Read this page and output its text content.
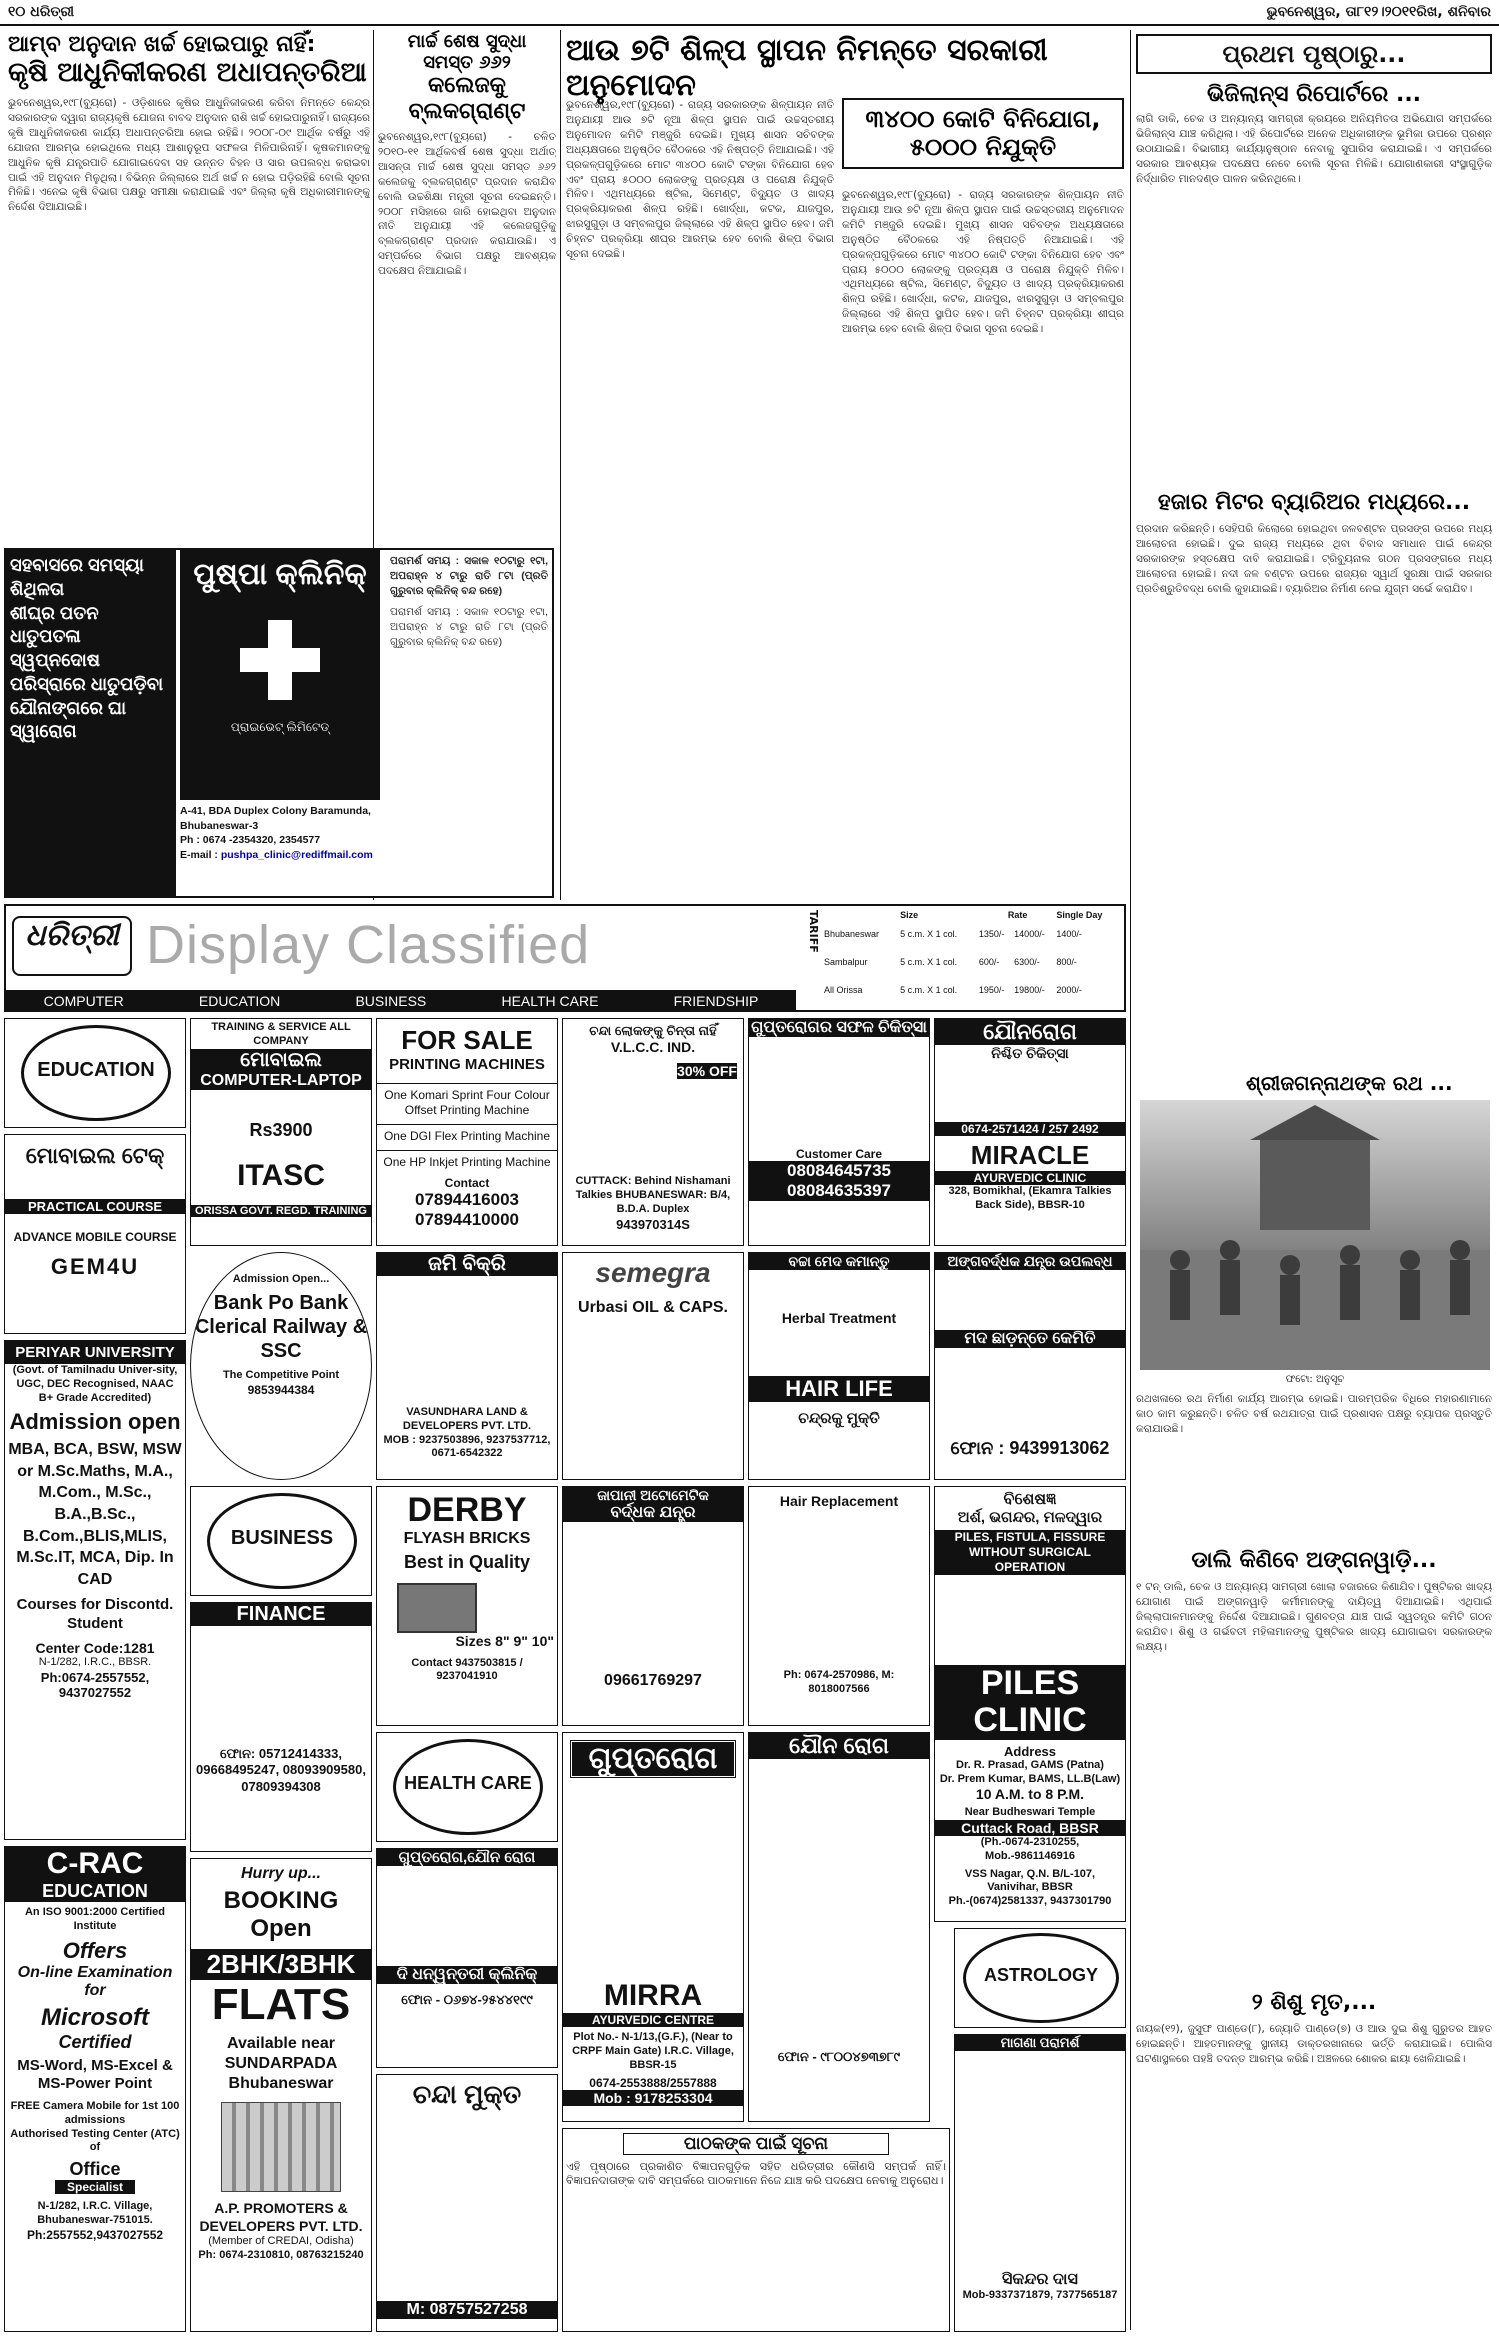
୧୦ ଧରିତ୍ରୀ	ଭୁବନେଶ୍ୱର, ତା୮୧୨।୨୦୧୧ରିଖ, ଶନିବାର
ଆମ୍ବ ଅନୁଦାନ ଖର୍ଚ୍ଚ ହୋଇପାରୁ ନାହିଁ:
କୃଷି ଆଧୁନିକୀକରଣ ଅଧାପନ୍ତରିଆ
ଭୁବନେଶ୍ୱର,୧୯୮(ବ୍ୟୁରୋ) - ଓଡ଼ିଶାରେ କୃଷିର ଆଧୁନିକୀକରଣ କରିବା ନିମନ୍ତେ କେନ୍ଦ୍ର ସରକାରଙ୍କ ଦ୍ୱାରା ରାଜ୍ୟକୃଷି ଯୋଜନା ବାବଦ ଅନୁଦାନ ରାଶି ଖର୍ଚ୍ଚ ହୋଇପାରୁନାହିଁ। ରାଜ୍ୟରେ କୃଷି ଆଧୁନିକୀକରଣ କାର୍ଯ୍ୟ ଅଧାପନ୍ତରିଆ ହୋଇ ରହିଛି। ୨୦୦୮-୦୯ ଆର୍ଥିକ ବର୍ଷରୁ ଏହି ଯୋଜନା ଆରମ୍ଭ ହୋଇଥିଲେ ମଧ୍ୟ ଆଶାନୁରୂପ ସଫଳତା ମିଳିପାରିନାହିଁ। କୃଷକମାନଙ୍କୁ ଆଧୁନିକ କୃଷି ଯନ୍ତ୍ରପାତି ଯୋଗାଇଦେବା ସହ ଉନ୍ନତ ବିହନ ଓ ସାର ଉପଲବ୍ଧ କରାଇବା ପାଇଁ ଏହି ଅନୁଦାନ ମିଳୁଥିଲା। ବିଭିନ୍ନ ଜିଲ୍ଲାରେ ଅର୍ଥ ଖର୍ଚ୍ଚ ନ ହୋଇ ପଡ଼ିରହିଛି ବୋଲି ସୂଚନା ମିଳିଛି। ଏନେଇ କୃଷି ବିଭାଗ ପକ୍ଷରୁ ସମୀକ୍ଷା କରାଯାଇଛି ଏବଂ ଜିଲ୍ଲା କୃଷି ଅଧିକାରୀମାନଙ୍କୁ ନିର୍ଦ୍ଦେଶ ଦିଆଯାଇଛି।
ମାର୍ଚ୍ଚ ଶେଷ ସୁଦ୍ଧା
ସମସ୍ତ ୬୬୨
କଲେଜକୁ ବ୍ଲକଗ୍ରାଣ୍ଟ
ଭୁବନେଶ୍ୱର,୧୯୮(ବ୍ୟୁରୋ) - ଚଳିତ ୨୦୧୦-୧୧ ଆର୍ଥିକବର୍ଷ ଶେଷ ସୁଦ୍ଧା ଅର୍ଥାତ୍ ଆସନ୍ତା ମାର୍ଚ୍ଚ ଶେଷ ସୁଦ୍ଧା ସମସ୍ତ ୬୬୨ କଲେଜକୁ ବ୍ଲକଗ୍ରାଣ୍ଟ ପ୍ରଦାନ କରାଯିବ ବୋଲି ଉଚ୍ଚଶିକ୍ଷା ମନ୍ତ୍ରୀ ସୂଚନା ଦେଇଛନ୍ତି। ୨୦୦୮ ମସିହାରେ ଜାରି ହୋଇଥିବା ଅନୁଦାନ ନୀତି ଅନୁଯାୟୀ ଏହି କଲେଜଗୁଡ଼ିକୁ ବ୍ଲକଗ୍ରାଣ୍ଟ ପ୍ରଦାନ କରାଯାଉଛି। ଏ ସମ୍ପର୍କରେ ବିଭାଗ ପକ୍ଷରୁ ଆବଶ୍ୟକ ପଦକ୍ଷେପ ନିଆଯାଇଛି।
ଆଉ ୭ଟି ଶିଳ୍ପ ସ୍ଥାପନ ନିମନ୍ତେ ସରକାରୀ ଅନୁମୋଦନ
ଭୁବନେଶ୍ୱର,୧୯୮(ବ୍ୟୁରୋ) - ରାଜ୍ୟ ସରକାରଙ୍କ ଶିଳ୍ପାୟନ ନୀତି ଅନୁଯାୟୀ ଆଉ ୭ଟି ନୂଆ ଶିଳ୍ପ ସ୍ଥାପନ ପାଇଁ ଉଚ୍ଚସ୍ତରୀୟ ଅନୁମୋଦନ କମିଟି ମଞ୍ଜୁରି ଦେଇଛି। ମୁଖ୍ୟ ଶାସନ ସଚିବଙ୍କ ଅଧ୍ୟକ୍ଷତାରେ ଅନୁଷ୍ଠିତ ବୈଠକରେ ଏହି ନିଷ୍ପତ୍ତି ନିଆଯାଇଛି। ଏହି ପ୍ରକଳ୍ପଗୁଡ଼ିକରେ ମୋଟ ୩୪୦୦ କୋଟି ଟଙ୍କା ବିନିଯୋଗ ହେବ ଏବଂ ପ୍ରାୟ ୫୦୦୦ ଲୋକଙ୍କୁ ପ୍ରତ୍ୟକ୍ଷ ଓ ପରୋକ୍ଷ ନିଯୁକ୍ତି ମିଳିବ। ଏଥିମଧ୍ୟରେ ଷ୍ଟିଲ, ସିମେଣ୍ଟ, ବିଦ୍ୟୁତ ଓ ଖାଦ୍ୟ ପ୍ରକ୍ରିୟାକରଣ ଶିଳ୍ପ ରହିଛି। ଖୋର୍ଦ୍ଧା, କଟକ, ଯାଜପୁର, ଝାରସୁଗୁଡ଼ା ଓ ସମ୍ବଲପୁର ଜିଲ୍ଲାରେ ଏହି ଶିଳ୍ପ ସ୍ଥାପିତ ହେବ। ଜମି ଚିହ୍ନଟ ପ୍ରକ୍ରିୟା ଶୀଘ୍ର ଆରମ୍ଭ ହେବ ବୋଲି ଶିଳ୍ପ ବିଭାଗ ସୂଚନା ଦେଇଛି।
୩୪୦୦ କୋଟି ବିନିଯୋଗ,
୫୦୦୦ ନିଯୁକ୍ତି
ଭୁବନେଶ୍ୱର,୧୯୮(ବ୍ୟୁରୋ) - ରାଜ୍ୟ ସରକାରଙ୍କ ଶିଳ୍ପାୟନ ନୀତି ଅନୁଯାୟୀ ଆଉ ୭ଟି ନୂଆ ଶିଳ୍ପ ସ୍ଥାପନ ପାଇଁ ଉଚ୍ଚସ୍ତରୀୟ ଅନୁମୋଦନ କମିଟି ମଞ୍ଜୁରି ଦେଇଛି। ମୁଖ୍ୟ ଶାସନ ସଚିବଙ୍କ ଅଧ୍ୟକ୍ଷତାରେ ଅନୁଷ୍ଠିତ ବୈଠକରେ ଏହି ନିଷ୍ପତ୍ତି ନିଆଯାଇଛି। ଏହି ପ୍ରକଳ୍ପଗୁଡ଼ିକରେ ମୋଟ ୩୪୦୦ କୋଟି ଟଙ୍କା ବିନିଯୋଗ ହେବ ଏବଂ ପ୍ରାୟ ୫୦୦୦ ଲୋକଙ୍କୁ ପ୍ରତ୍ୟକ୍ଷ ଓ ପରୋକ୍ଷ ନିଯୁକ୍ତି ମିଳିବ। ଏଥିମଧ୍ୟରେ ଷ୍ଟିଲ, ସିମେଣ୍ଟ, ବିଦ୍ୟୁତ ଓ ଖାଦ୍ୟ ପ୍ରକ୍ରିୟାକରଣ ଶିଳ୍ପ ରହିଛି। ଖୋର୍ଦ୍ଧା, କଟକ, ଯାଜପୁର, ଝାରସୁଗୁଡ଼ା ଓ ସମ୍ବଲପୁର ଜିଲ୍ଲାରେ ଏହି ଶିଳ୍ପ ସ୍ଥାପିତ ହେବ। ଜମି ଚିହ୍ନଟ ପ୍ରକ୍ରିୟା ଶୀଘ୍ର ଆରମ୍ଭ ହେବ ବୋଲି ଶିଳ୍ପ ବିଭାଗ ସୂଚନା ଦେଇଛି।
ପ୍ରଥମ ପୃଷ୍ଠାରୁ...
ଭିଜିଲାନ୍ସ ରିପୋର୍ଟରେ ...
ଲାଗି ଡାକି, ଚେକ ଓ ଅନ୍ୟାନ୍ୟ ସାମଗ୍ରୀ କ୍ରୟରେ ଅନିୟମିତତା ଅଭିଯୋଗ ସମ୍ପର୍କରେ ଭିଜିଲାନ୍ସ ଯାଞ୍ଚ କରିଥିଲା। ଏହି ରିପୋର୍ଟରେ ଅନେକ ଅଧିକାରୀଙ୍କ ଭୂମିକା ଉପରେ ପ୍ରଶ୍ନ ଉଠାଯାଇଛି। ବିଭାଗୀୟ କାର୍ଯ୍ୟାନୁଷ୍ଠାନ ନେବାକୁ ସୁପାରିସ କରାଯାଇଛି। ଏ ସମ୍ପର୍କରେ ସରକାର ଆବଶ୍ୟକ ପଦକ୍ଷେପ ନେବେ ବୋଲି ସୂଚନା ମିଳିଛି। ଯୋଗାଣକାରୀ ସଂସ୍ଥାଗୁଡ଼ିକ ନିର୍ଦ୍ଧାରିତ ମାନଦଣ୍ଡ ପାଳନ କରିନଥିଲେ।
ହଜାର ମିଟର ବ୍ୟାରିଅର ମଧ୍ୟରେ...
ପ୍ରଦାନ କରିଛନ୍ତି। ସେହିପରି କିଲୋରେ ହୋଇଥିବା ଜଳବଣ୍ଟନ ପ୍ରସଙ୍ଗ ଉପରେ ମଧ୍ୟ ଆଲୋଚନା ହୋଇଛି। ଦୁଇ ରାଜ୍ୟ ମଧ୍ୟରେ ଥିବା ବିବାଦ ସମାଧାନ ପାଇଁ କେନ୍ଦ୍ର ସରକାରଙ୍କ ହସ୍ତକ୍ଷେପ ଦାବି କରାଯାଇଛି। ଟ୍ରିବ୍ୟୁନାଲ ଗଠନ ପ୍ରସଙ୍ଗରେ ମଧ୍ୟ ଆଲୋଚନା ହୋଇଛି। ନଦୀ ଜଳ ବଣ୍ଟନ ଉପରେ ରାଜ୍ୟର ସ୍ୱାର୍ଥ ସୁରକ୍ଷା ପାଇଁ ସରକାର ପ୍ରତିଶ୍ରୁତିବଦ୍ଧ ବୋଲି କୁହାଯାଇଛି। ବ୍ୟାରିଅର ନିର୍ମାଣ ନେଇ ଯୁଗ୍ମ ସର୍ଭେ କରାଯିବ।
ଶ୍ରୀଜଗନ୍ନାଥଙ୍କ ରଥ ...
ଫଟୋ: ଅନୁସୂଚ
ରଥଖଳାରେ ରଥ ନିର୍ମାଣ କାର୍ଯ୍ୟ ଆରମ୍ଭ ହୋଇଛି। ପାରମ୍ପରିକ ବିଧିରେ ମହାରଣାମାନେ କାଠ କାମ କରୁଛନ୍ତି। ଚଳିତ ବର୍ଷ ରଥଯାତ୍ରା ପାଇଁ ପ୍ରଶାସନ ପକ୍ଷରୁ ବ୍ୟାପକ ପ୍ରସ୍ତୁତି କରାଯାଉଛି।
ଡାଲି କିଣିବେ ଅଙ୍ଗନୱାଡ଼ି...
୧ ଟନ୍ ଡାଲି, ଚେକ ଓ ଅନ୍ୟାନ୍ୟ ସାମଗ୍ରୀ ଖୋଲା ବଜାରରେ କିଣାଯିବ। ପୁଷ୍ଟିକର ଖାଦ୍ୟ ଯୋଗାଣ ପାଇଁ ଅଙ୍ଗନୱାଡ଼ି କର୍ମୀମାନଙ୍କୁ ଦାୟିତ୍ୱ ଦିଆଯାଇଛି। ଏଥିପାଇଁ ଜିଲ୍ଲାପାଳମାନଙ୍କୁ ନିର୍ଦ୍ଦେଶ ଦିଆଯାଇଛି। ଗୁଣବତ୍ତା ଯାଞ୍ଚ ପାଇଁ ସ୍ୱତନ୍ତ୍ର କମିଟି ଗଠନ କରାଯିବ। ଶିଶୁ ଓ ଗର୍ଭବତୀ ମହିଳାମାନଙ୍କୁ ପୁଷ୍ଟିକର ଖାଦ୍ୟ ଯୋଗାଇବା ସରକାରଙ୍କ ଲକ୍ଷ୍ୟ।
୨ ଶିଶୁ ମୃତ,...
ନାୟକ(୧୨), ଜୁସୁଫ ପାଣ୍ଡେ(୮), ଜ୍ୟୋତି ପାଣ୍ଡେ(୭) ଓ ଆଉ ଦୁଇ ଶିଶୁ ଗୁରୁତର ଆହତ ହୋଇଛନ୍ତି। ଆହତମାନଙ୍କୁ ସ୍ଥାନୀୟ ଡାକ୍ତରଖାନାରେ ଭର୍ତ୍ତି କରାଯାଇଛି। ପୋଲିସ ଘଟଣାସ୍ଥଳରେ ପହଞ୍ଚି ତଦନ୍ତ ଆରମ୍ଭ କରିଛି। ଅଞ୍ଚଳରେ ଶୋକର ଛାୟା ଖେଳିଯାଇଛି।
ସହବାସରେ ସମସ୍ୟା
ଶିଥିଳତା
ଶୀଘ୍ର ପତନ
ଧାତୁପତଳା
ସ୍ୱପ୍ନଦୋଷ
ପରିସ୍ରାରେ ଧାତୁପଡ଼ିବା
ଯୌନାଙ୍ଗରେ ଘା ସ୍ୱାରୋଗ
ପୁଷ୍ପା କ୍ଲିନିକ୍
ପ୍ରାଇଭେଟ୍ ଲିମିଟେଡ୍
A-41, BDA Duplex Colony Baramunda, Bhubaneswar-3
Ph : 0674 -2354320, 2354577
E-mail : pushpa_clinic@rediffmail.com
ପରାମର୍ଶ ସମୟ : ସକାଳ ୧୦ଟାରୁ ୧ଟା, ଅପରାହ୍ନ ୪ ଟାରୁ ରାତି ୮ଟା (ପ୍ରତି ଗୁରୁବାର କ୍ଲିନିକ୍ ବନ୍ଦ ରହେ)
ପରାମର୍ଶ ସମୟ : ସକାଳ ୧୦ଟାରୁ ୧ଟା, ଅପରାହ୍ନ ୪ ଟାରୁ ରାତି ୮ଟା (ପ୍ରତି ଗୁରୁବାର କ୍ଲିନିକ୍ ବନ୍ଦ ରହେ)
ଧରିତ୍ରୀ Display Classified
COMPUTER	EDUCATION	BUSINESS	HEALTH CARE	FRIENDSHIP
TARIFF
		Size	Rate		Single Day
Bhubaneswar	5 c.m. X 1 col.	1350/-	14000/-	1400/-
Sambalpur	5 c.m. X 1 col.	600/-	6300/-	800/-
All Orissa	5 c.m. X 1 col.	1950/-	19800/-	2000/-
EDUCATION
ମୋବାଇଲ ଟେକ୍
PRACTICAL COURSE
ADVANCE MOBILE COURSE
GEM4U
PERIYAR UNIVERSITY
(Govt. of Tamilnadu Univer-sity, UGC, DEC Recognised, NAAC B+ Grade Accredited)
Admission open
MBA, BCA, BSW, MSW or M.Sc.Maths, M.A., M.Com., M.Sc., B.A.,B.Sc., B.Com.,BLIS,MLIS, M.Sc.IT, MCA, Dip. In CAD
Courses for Discontd. Student
Center Code:1281
N-1/282, I.R.C., BBSR.
Ph:0674-2557552, 9437027552
C-RAC
EDUCATION
An ISO 9001:2000 Certified Institute
Offers
On-line Examination for
Microsoft
Certified
MS-Word, MS-Excel & MS-Power Point
FREE Camera Mobile for 1st 100 admissions
Authorised Testing Center (ATC) of
Office
Specialist
N-1/282, I.R.C. Village, Bhubaneswar-751015.
Ph:2557552,9437027552
TRAINING & SERVICE ALL COMPANY
ମୋବାଇଲ
COMPUTER-LAPTOP
Rs3900
ITASC
ORISSA GOVT. REGD. TRAINING
Admission Open...
Bank Po Bank Clerical Railway & SSC
The Competitive Point
9853944384
BUSINESS
FINANCE
ଫୋନ: 05712414333, 09668495247, 08093909580, 07809394308
Hurry up...
BOOKING Open
2BHK/3BHK
FLATS
Available near SUNDARPADA Bhubaneswar
A.P. PROMOTERS & DEVELOPERS PVT. LTD.
(Member of CREDAI, Odisha)
Ph: 0674-2310810, 08763215240
FOR SALE
PRINTING MACHINES
One Komari Sprint Four Colour Offset Printing Machine
One DGI Flex Printing Machine
One HP Inkjet Printing Machine
Contact
07894416003
07894410000
ଜମି ବିକ୍ରି
VASUNDHARA LAND & DEVELOPERS PVT. LTD.
MOB : 9237503896, 9237537712, 0671-6542322
DERBY
FLYASH BRICKS
Best in Quality
Sizes 8" 9" 10"
Contact 9437503815 / 9237041910
HEALTH CARE
ଗୁପ୍ତରୋଗ,ଯୌନ ରୋଗ
ଦି ଧନ୍ୱନ୍ତରୀ କ୍ଲିନିକ୍
ଫୋନ - ୦୬୭୪-୨୫୪୪୧୯୯
ଚନ୍ଦା ମୁକ୍ତ
M: 08757527258
ଚନ୍ଦା ଲୋକଙ୍କୁ ଚିନ୍ତା ନାହିଁ
V.L.C.C. IND.
30% OFF
CUTTACK: Behind Nishamani Talkies BHUBANESWAR: B/4, B.D.A. Duplex
943970314S
semegra
Urbasi OIL & CAPS.
ଜାପାନୀ ଅଟୋମେଟିକ
ବର୍ଦ୍ଧକ ଯନ୍ତ୍ର
09661769297
ଗୁପ୍ତରୋଗ
MIRRA
AYURVEDIC CENTRE
Plot No.- N-1/13,(G.F.), (Near to CRPF Main Gate) I.R.C. Village, BBSR-15
0674-2553888/2557888
Mob : 9178253304
ପାଠକଙ୍କ ପାଇଁ ସୂଚନା
ଏହି ପୃଷ୍ଠାରେ ପ୍ରକାଶିତ ବିଜ୍ଞାପନଗୁଡ଼ିକ ସହିତ ଧରିତ୍ରୀର କୌଣସି ସମ୍ପର୍କ ନାହିଁ। ବିଜ୍ଞାପନଦାତାଙ୍କ ଦାବି ସମ୍ପର୍କରେ ପାଠକମାନେ ନିଜେ ଯାଞ୍ଚ କରି ପଦକ୍ଷେପ ନେବାକୁ ଅନୁରୋଧ।
ଗୁପ୍ତରୋଗର ସଫଳ ଚିକିତ୍ସା
Customer Care
08084645735
08084635397
ବଚ୍ଚା ମେଦ କମାନ୍ତୁ
Herbal Treatment
HAIR LIFE
ଚନ୍ଦ୍ରକୁ ମୁକ୍ତି
Hair Replacement
Ph: 0674-2570986, M: 8018007566
ଯୌନ ରୋଗ
ଫୋନ - ୯୮୦୦୪୭୩୭୮୯
ଯୌନରୋଗ
ନିଶ୍ଚିତ ଚିକିତ୍ସା
0674-2571424 / 257 2492
MIRACLE
AYURVEDIC CLINIC
328, Bomikhal, (Ekamra Talkies Back Side), BBSR-10
ଅଙ୍ଗବର୍ଦ୍ଧକ ଯନ୍ତ୍ର ଉପଲବ୍ଧ
ମଦ ଛାଡ଼ନ୍ତେ କେମିତି
ଫୋନ : 9439913062
ବିଶେଷଜ୍ଞ
ଅର୍ଶ, ଭଗନ୍ଦର, ମଳଦ୍ୱାର
PILES, FISTULA, FISSURE WITHOUT SURGICAL OPERATION
PILES CLINIC
Address
Dr. R. Prasad, GAMS (Patna)
Dr. Prem Kumar, BAMS, LL.B(Law)
10 A.M. to 8 P.M.
Near Budheswari Temple
Cuttack Road, BBSR
(Ph.-0674-2310255, Mob.-9861146916
VSS Nagar, Q.N. B/L-107, Vanivihar, BBSR
Ph.-(0674)2581337, 9437301790
ASTROLOGY
ମାଗଣା ପରାମର୍ଶ
ସିକନ୍ଦର ଦାସ
Mob-9337371879, 7377565187
